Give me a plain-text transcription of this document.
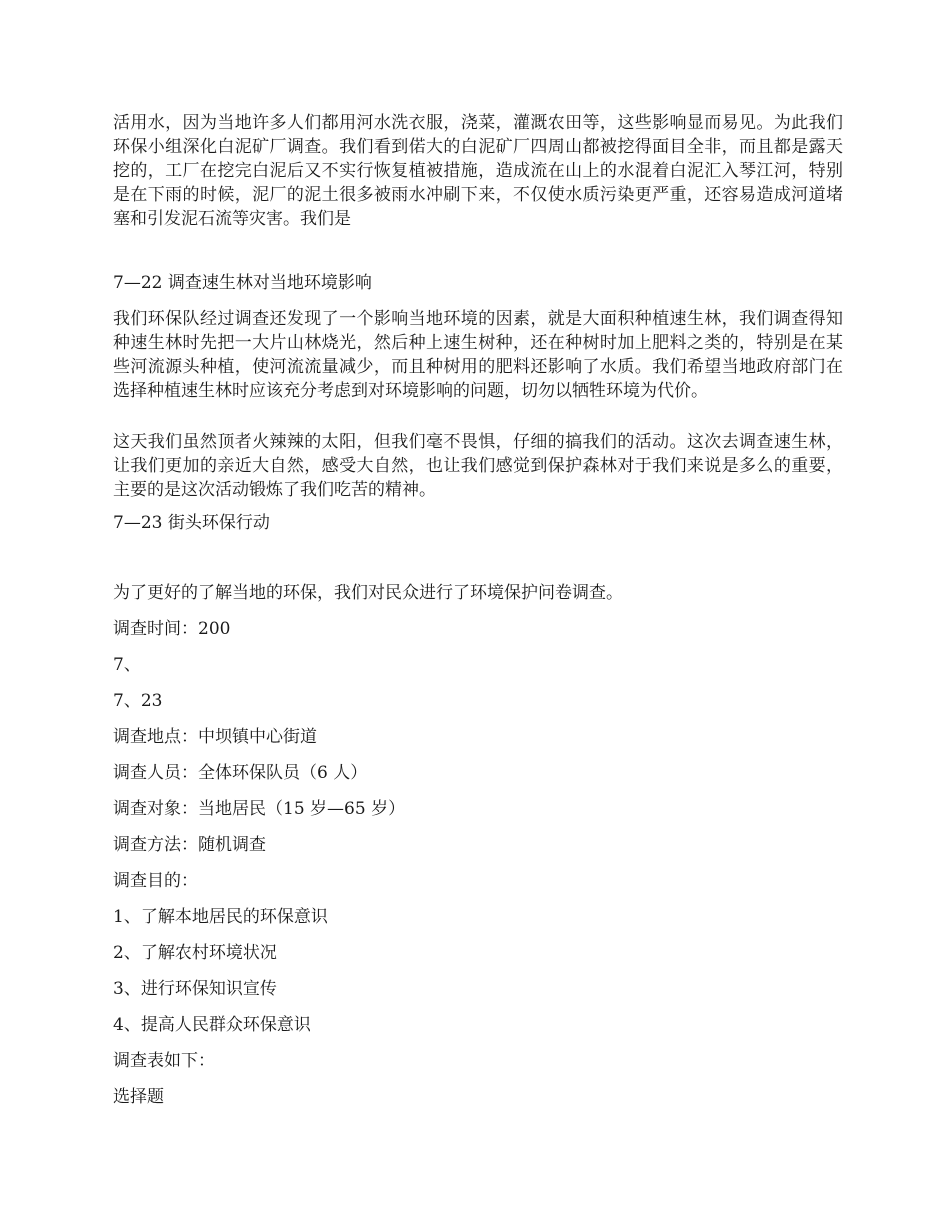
活用水，因为当地许多人们都用河水洗衣服，浇菜，灌溉农田等，这些影响显而易见。为此我们环保小组深化白泥矿厂调查。我们看到偌大的白泥矿厂四周山都被挖得面目全非，而且都是露天挖的，工厂在挖完白泥后又不实行恢复植被措施，造成流在山上的水混着白泥汇入琴江河，特别是在下雨的时候，泥厂的泥土很多被雨水冲刷下来，不仅使水质污染更严重，还容易造成河道堵塞和引发泥石流等灾害。我们是

7—22 调查速生林对当地环境影响

我们环保队经过调查还发现了一个影响当地环境的因素，就是大面积种植速生林，我们调查得知种速生林时先把一大片山林烧光，然后种上速生树种，还在种树时加上肥料之类的，特别是在某些河流源头种植，使河流流量减少，而且种树用的肥料还影响了水质。我们希望当地政府部门在选择种植速生林时应该充分考虑到对环境影响的问题，切勿以牺牲环境为代价。

这天我们虽然顶者火辣辣的太阳，但我们毫不畏惧，仔细的搞我们的活动。这次去调查速生林，让我们更加的亲近大自然，感受大自然，也让我们感觉到保护森林对于我们来说是多么的重要，主要的是这次活动锻炼了我们吃苦的精神。

7—23 街头环保行动

为了更好的了解当地的环保，我们对民众进行了环境保护问卷调查。

调查时间：200

7、

7、23

调查地点：中坝镇中心街道

调查人员：全体环保队员（6 人）

调查对象：当地居民（15 岁—65 岁）

调查方法：随机调查

调查目的：

1、了解本地居民的环保意识

2、了解农村环境状况

3、进行环保知识宣传

4、提高人民群众环保意识

调查表如下：

选择题
